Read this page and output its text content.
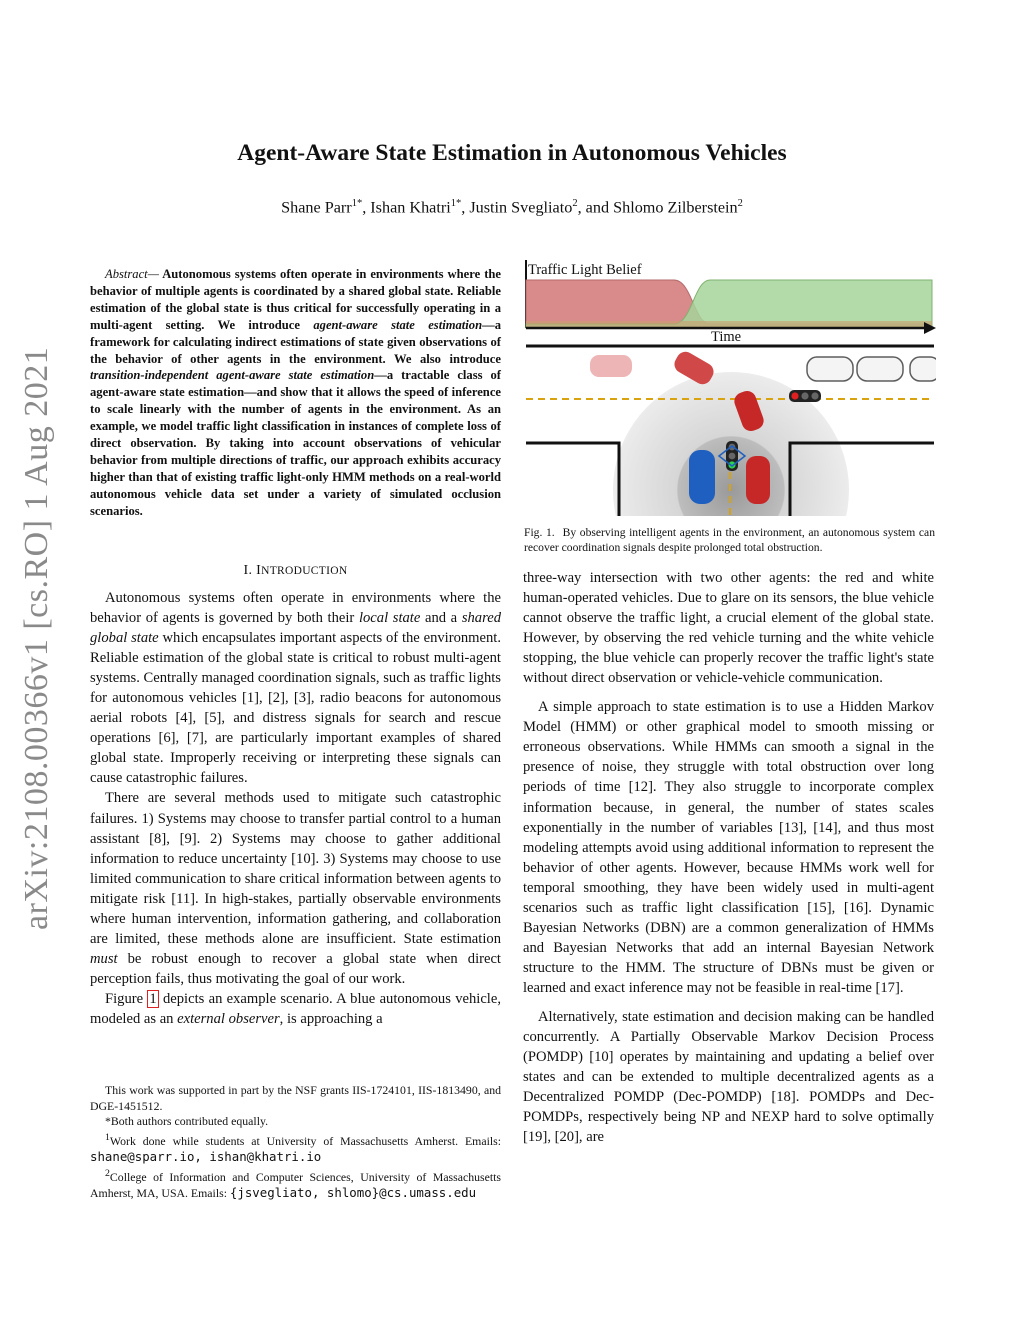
arXiv:2108.00366v1 [cs.RO] 1 Aug 2021
Agent-Aware State Estimation in Autonomous Vehicles
Shane Parr$^{1*}$, Ishan Khatri$^{1*}$, Justin Svegliato$^2$, and Shlomo Zilberstein$^2$
Abstract— Autonomous systems often operate in environments where the behavior of multiple agents is coordinated by a shared global state. Reliable estimation of the global state is thus critical for successfully operating in a multi-agent setting. We introduce agent-aware state estimation—a framework for calculating indirect estimations of state given observations of the behavior of other agents in the environment. We also introduce transition-independent agent-aware state estimation—a tractable class of agent-aware state estimation—and show that it allows the speed of inference to scale linearly with the number of agents in the environment. As an example, we model traffic light classification in instances of complete loss of direct observation. By taking into account observations of vehicular behavior from multiple directions of traffic, our approach exhibits accuracy higher than that of existing traffic light-only HMM methods on a real-world autonomous vehicle data set under a variety of simulated occlusion scenarios.
I. INTRODUCTION

Autonomous systems often operate in environments where the behavior of agents is governed by both their local state and a shared global state which encapsulates important aspects of the environment. Reliable estimation of the global state is critical to robust multi-agent systems. Centrally managed coordination signals, such as traffic lights for autonomous vehicles [1], [2], [3], radio beacons for autonomous aerial robots [4], [5], and distress signals for search and rescue operations [6], [7], are particularly important examples of shared global state. Improperly receiving or interpreting these signals can cause catastrophic failures.

There are several methods used to mitigate such catastrophic failures. 1) Systems may choose to transfer partial control to a human assistant [8], [9]. 2) Systems may choose to gather additional information to reduce uncertainty [10]. 3) Systems may choose to use limited communication to share critical information between agents to mitigate risk [11]. In high-stakes, partially observable environments where human intervention, information gathering, and collaboration are limited, these methods alone are insufficient. State estimation must be robust enough to recover a global state when direct perception fails, thus motivating the goal of our work.

Figure 1 depicts an example scenario. A blue autonomous vehicle, modeled as an external observer, is approaching a

This work was supported in part by the NSF grants IIS-1724101, IIS-1813490, and DGE-1451512.

*Both authors contributed equally.

$^1$Work done while students at University of Massachusetts Amherst. Emails: shane@sparr.io, ishan@khatri.io

$^2$College of Information and Computer Sciences, University of Massachusetts Amherst, MA, USA. Emails: {jsvegliato, shlomo}@cs.umass.edu

Traffic Light Belief
Time
Fig. 1. By observing intelligent agents in the environment, an autonomous system can recover coordination signals despite prolonged total obstruction.

three-way intersection with two other agents: the red and white human-operated vehicles. Due to glare on its sensors, the blue vehicle cannot observe the traffic light, a crucial element of the global state. However, by observing the red vehicle turning and the white vehicle stopping, the blue vehicle can properly recover the traffic light's state without direct observation or vehicle-vehicle communication.

A simple approach to state estimation is to use a Hidden Markov Model (HMM) or other graphical model to smooth missing or erroneous observations. While HMMs can smooth a signal in the presence of noise, they struggle with total obstruction over long periods of time [12]. They also struggle to incorporate complex information because, in general, the number of states scales exponentially in the number of variables [13], [14], and thus most modeling attempts avoid using additional information to represent the behavior of other agents. However, because HMMs work well for temporal smoothing, they have been widely used in multi-agent scenarios such as traffic light classification [15], [16]. Dynamic Bayesian Networks (DBN) are a common generalization of HMMs and Bayesian Networks that add an internal Bayesian Network structure to the HMM. The structure of DBNs must be given or learned and exact inference may not be feasible in real-time [17].

Alternatively, state estimation and decision making can be handled concurrently. A Partially Observable Markov Decision Process (POMDP) [10] operates by maintaining and updating a belief over states and can be extended to multiple decentralized agents as a Decentralized POMDP (Dec-POMDP) [18]. POMDPs and Dec-POMDPs, respectively being NP and NEXP hard to solve optimally [19], [20], are
